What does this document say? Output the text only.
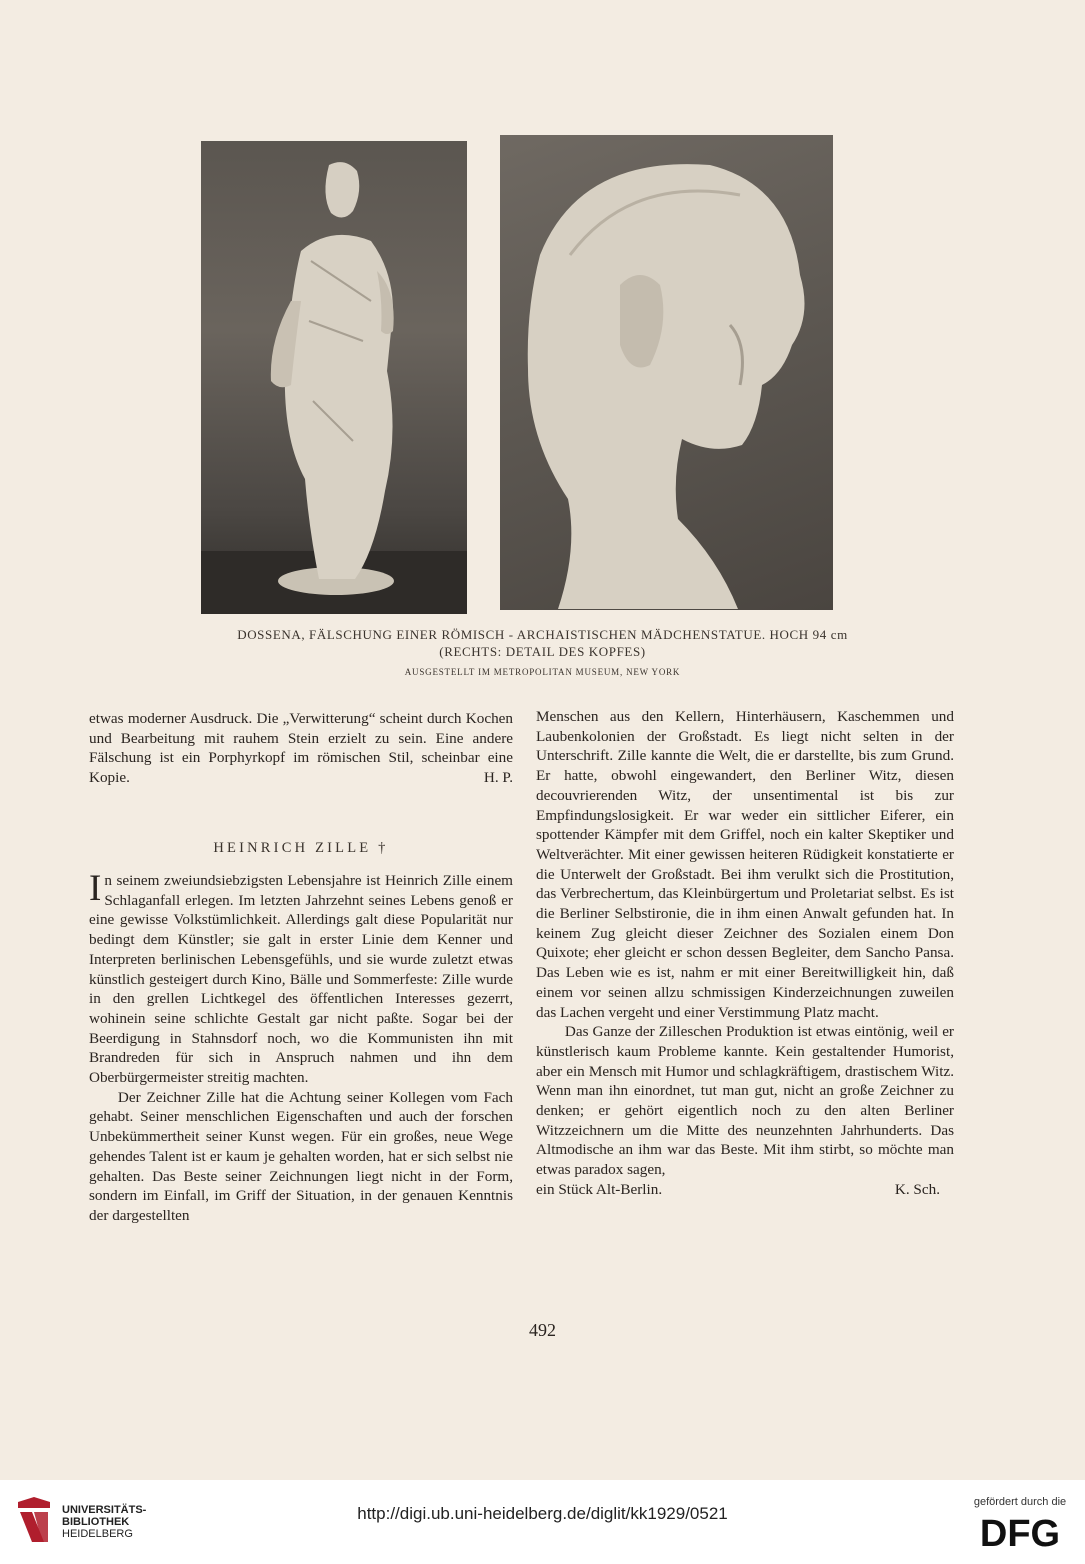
DOSSENA, FÄLSCHUNG EINER RÖMISCH - ARCHAISTISCHEN MÄDCHENSTATUE. HOCH 94 cm
(RECHTS: DETAIL DES KOPFES)
AUSGESTELLT IM METROPOLITAN MUSEUM, NEW YORK

etwas moderner Ausdruck. Die „Verwitterung“ scheint durch Kochen und Bearbeitung mit rauhem Stein erzielt zu sein. Eine andere Fälschung ist ein Porphyrkopf im römischen Stil, scheinbar eine Kopie.	H. P.

HEINRICH ZILLE †

In seinem zweiundsiebzigsten Lebensjahre ist Heinrich Zille einem Schlaganfall erlegen. Im letzten Jahrzehnt seines Lebens genoß er eine gewisse Volkstümlichkeit. Allerdings galt diese Popularität nur bedingt dem Künstler; sie galt in erster Linie dem Kenner und Interpreten berlinischen Lebensgefühls, und sie wurde zuletzt etwas künstlich gesteigert durch Kino, Bälle und Sommerfeste: Zille wurde in den grellen Lichtkegel des öffentlichen Interesses gezerrt, wohinein seine schlichte Gestalt gar nicht paßte. Sogar bei der Beerdigung in Stahnsdorf noch, wo die Kommunisten ihn mit Brandreden für sich in Anspruch nahmen und ihn dem Oberbürgermeister streitig machten.

Der Zeichner Zille hat die Achtung seiner Kollegen vom Fach gehabt. Seiner menschlichen Eigenschaften und auch der forschen Unbekümmertheit seiner Kunst wegen. Für ein großes, neue Wege gehendes Talent ist er kaum je gehalten worden, hat er sich selbst nie gehalten. Das Beste seiner Zeichnungen liegt nicht in der Form, sondern im Einfall, im Griff der Situation, in der genauen Kenntnis der dargestellten

Menschen aus den Kellern, Hinterhäusern, Kaschemmen und Laubenkolonien der Großstadt. Es liegt nicht selten in der Unterschrift. Zille kannte die Welt, die er darstellte, bis zum Grund. Er hatte, obwohl eingewandert, den Berliner Witz, diesen decouvrierenden Witz, der unsentimental ist bis zur Empfindungslosigkeit. Er war weder ein sittlicher Eiferer, ein spottender Kämpfer mit dem Griffel, noch ein kalter Skeptiker und Weltverächter. Mit einer gewissen heiteren Rüdigkeit konstatierte er die Unterwelt der Großstadt. Bei ihm verulkt sich die Prostitution, das Verbrechertum, das Kleinbürgertum und Proletariat selbst. Es ist die Berliner Selbstironie, die in ihm einen Anwalt gefunden hat. In keinem Zug gleicht dieser Zeichner des Sozialen einem Don Quixote; eher gleicht er schon dessen Begleiter, dem Sancho Pansa. Das Leben wie es ist, nahm er mit einer Bereitwilligkeit hin, daß einem vor seinen allzu schmissigen Kinderzeichnungen zuweilen das Lachen vergeht und einer Verstimmung Platz macht.

Das Ganze der Zilleschen Produktion ist etwas eintönig, weil er künstlerisch kaum Probleme kannte. Kein gestaltender Humorist, aber ein Mensch mit Humor und schlagkräftigem, drastischem Witz. Wenn man ihn einordnet, tut man gut, nicht an große Zeichner zu denken; er gehört eigentlich noch zu den alten Berliner Witzzeichnern um die Mitte des neunzehnten Jahrhunderts. Das Altmodische an ihm war das Beste. Mit ihm stirbt, so möchte man etwas paradox sagen,

ein Stück Alt-Berlin.	K. Sch.

492
UNIVERSITÄTS-
BIBLIOTHEK
HEIDELBERG
http://digi.ub.uni-heidelberg.de/diglit/kk1929/0521
gefördert durch die
DFG
